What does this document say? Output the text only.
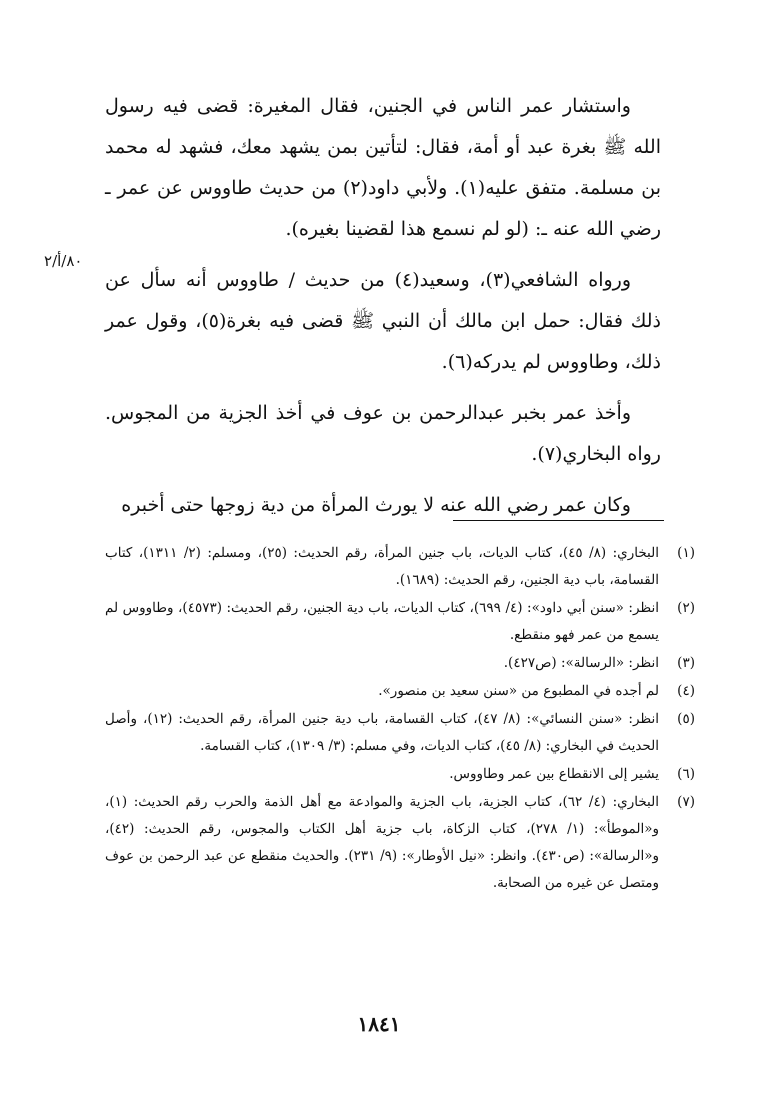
واستشار عمر الناس في الجنين، فقال المغيرة: قضى فيه رسول الله ﷺ بغرة عبد أو أمة، فقال: لتأتين بمن يشهد معك، فشهد له محمد بن مسلمة. متفق عليه(١). ولأبي داود(٢) من حديث طاووس عن عمر ـ رضي الله عنه ـ: (لو لم نسمع هذا لقضينا بغيره).

ورواه الشافعي(٣)، وسعيد(٤) من حديث / طاووس أنه سأل عن ذلك فقال: حمل ابن مالك أن النبي ﷺ قضى فيه بغرة(٥)، وقول عمر ذلك، وطاووس لم يدركه(٦).

وأخذ عمر بخبر عبدالرحمن بن عوف في أخذ الجزية من المجوس. رواه البخاري(٧).

وكان عمر رضي الله عنه لا يورث المرأة من دية زوجها حتى أخبره

٨٠/أ/٢
(١)
البخاري: (٨/ ٤٥)، كتاب الديات، باب جنين المرأة، رقم الحديث: (٢٥)، ومسلم: (٢/ ١٣١١)، كتاب القسامة، باب دية الجنين، رقم الحديث: (١٦٨٩).
(٢)
انظر: «سنن أبي داود»: (٤/ ٦٩٩)، كتاب الديات، باب دية الجنين، رقم الحديث: (٤٥٧٣)، وطاووس لم يسمع من عمر فهو منقطع.
(٣)
انظر: «الرسالة»: (ص٤٢٧).
(٤)
لم أجده في المطبوع من «سنن سعيد بن منصور».
(٥)
انظر: «سنن النسائي»: (٨/ ٤٧)، كتاب القسامة، باب دية جنين المرأة، رقم الحديث: (١٢)، وأصل الحديث في البخاري: (٨/ ٤٥)، كتاب الديات، وفي مسلم: (٣/ ١٣٠٩)، كتاب القسامة.
(٦)
يشير إلى الانقطاع بين عمر وطاووس.
(٧)
البخاري: (٤/ ٦٢)، كتاب الجزية، باب الجزية والموادعة مع أهل الذمة والحرب رقم الحديث: (١)، و«الموطأ»: (١/ ٢٧٨)، كتاب الزكاة، باب جزية أهل الكتاب والمجوس، رقم الحديث: (٤٢)، و«الرسالة»: (ص٤٣٠). وانظر: «نيل الأوطار»: (٩/ ٢٣١). والحديث منقطع عن عبد الرحمن بن عوف ومتصل عن غيره من الصحابة.
١٨٤١
